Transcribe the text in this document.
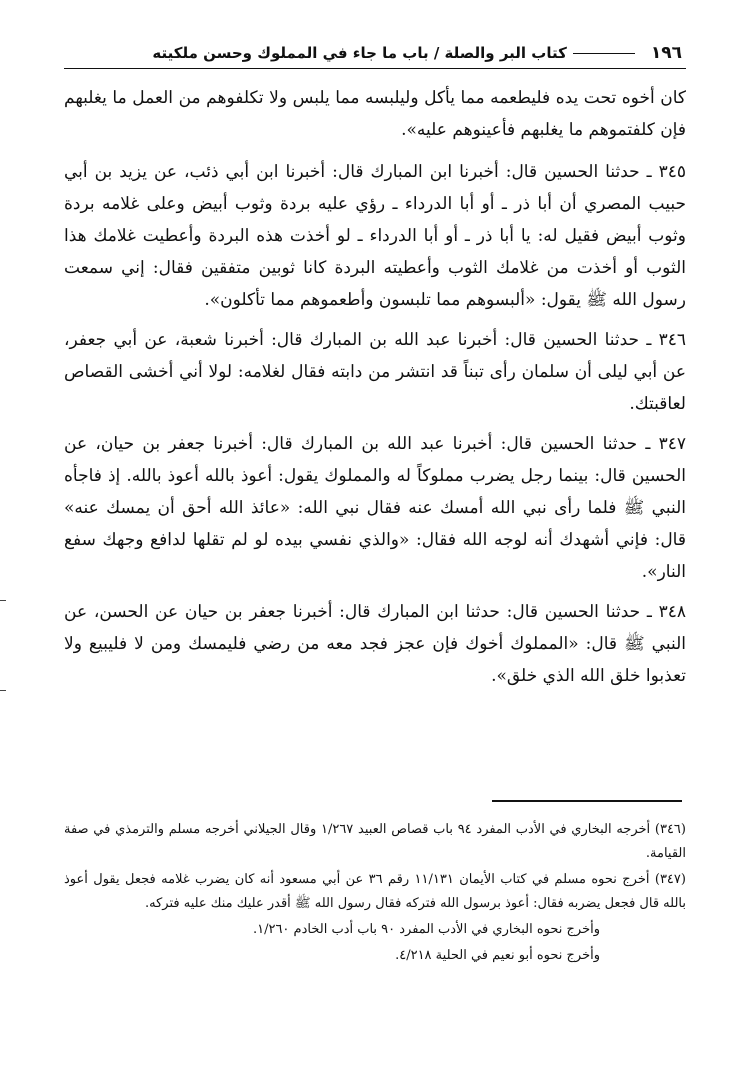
١٩٦
كتاب البر والصلة / باب ما جاء في المملوك وحسن ملكيته

كان أخوه تحت يده فليطعمه مما يأكل وليلبسه مما يلبس ولا تكلفوهم من العمل ما يغلبهم فإن كلفتموهم ما يغلبهم فأعينوهم عليه».

٣٤٥ ـ حدثنا الحسين قال: أخبرنا ابن المبارك قال: أخبرنا ابن أبي ذئب، عن يزيد بن أبي حبيب المصري أن أبا ذر ـ أو أبا الدرداء ـ رؤي عليه بردة وثوب أبيض وعلى غلامه بردة وثوب أبيض فقيل له: يا أبا ذر ـ أو أبا الدرداء ـ لو أخذت هذه البردة وأعطيت غلامك هذا الثوب أو أخذت من غلامك الثوب وأعطيته البردة كانا ثوبين متفقين فقال: إني سمعت رسول الله ﷺ يقول: «ألبسوهم مما تلبسون وأطعموهم مما تأكلون».

٣٤٦ ـ حدثنا الحسين قال: أخبرنا عبد الله بن المبارك قال: أخبرنا شعبة، عن أبي جعفر، عن أبي ليلى أن سلمان رأى تبناً قد انتشر من دابته فقال لغلامه: لولا أني أخشى القصاص لعاقبتك.

٣٤٧ ـ حدثنا الحسين قال: أخبرنا عبد الله بن المبارك قال: أخبرنا جعفر بن حيان، عن الحسين قال: بينما رجل يضرب مملوكاً له والمملوك يقول: أعوذ بالله أعوذ بالله. إذ فاجأه النبي ﷺ فلما رأى نبي الله أمسك عنه فقال نبي الله: «عائذ الله أحق أن يمسك عنه» قال: فإني أشهدك أنه لوجه الله فقال: «والذي نفسي بيده لو لم تقلها لدافع وجهك سفع النار».

٣٤٨ ـ حدثنا الحسين قال: حدثنا ابن المبارك قال: أخبرنا جعفر بن حيان عن الحسن، عن النبي ﷺ قال: «المملوك أخوك فإن عجز فجد معه من رضي فليمسك ومن لا فليبيع ولا تعذبوا خلق الله الذي خلق».

(٣٤٦) أخرجه البخاري في الأدب المفرد ٩٤ باب قصاص العبيد ١/٢٦٧ وقال الجيلاني أخرجه مسلم والترمذي في صفة القيامة.

(٣٤٧) أخرج نحوه مسلم في كتاب الأيمان ١١/١٣١ رقم ٣٦ عن أبي مسعود أنه كان يضرب غلامه فجعل يقول أعوذ بالله قال فجعل يضربه فقال: أعوذ برسول الله فتركه فقال رسول الله ﷺ أقدر عليك منك عليه فتركه.

وأخرج نحوه البخاري في الأدب المفرد ٩٠ باب أدب الخادم ١/٢٦٠.

وأخرج نحوه أبو نعيم في الحلية ٤/٢١٨.
